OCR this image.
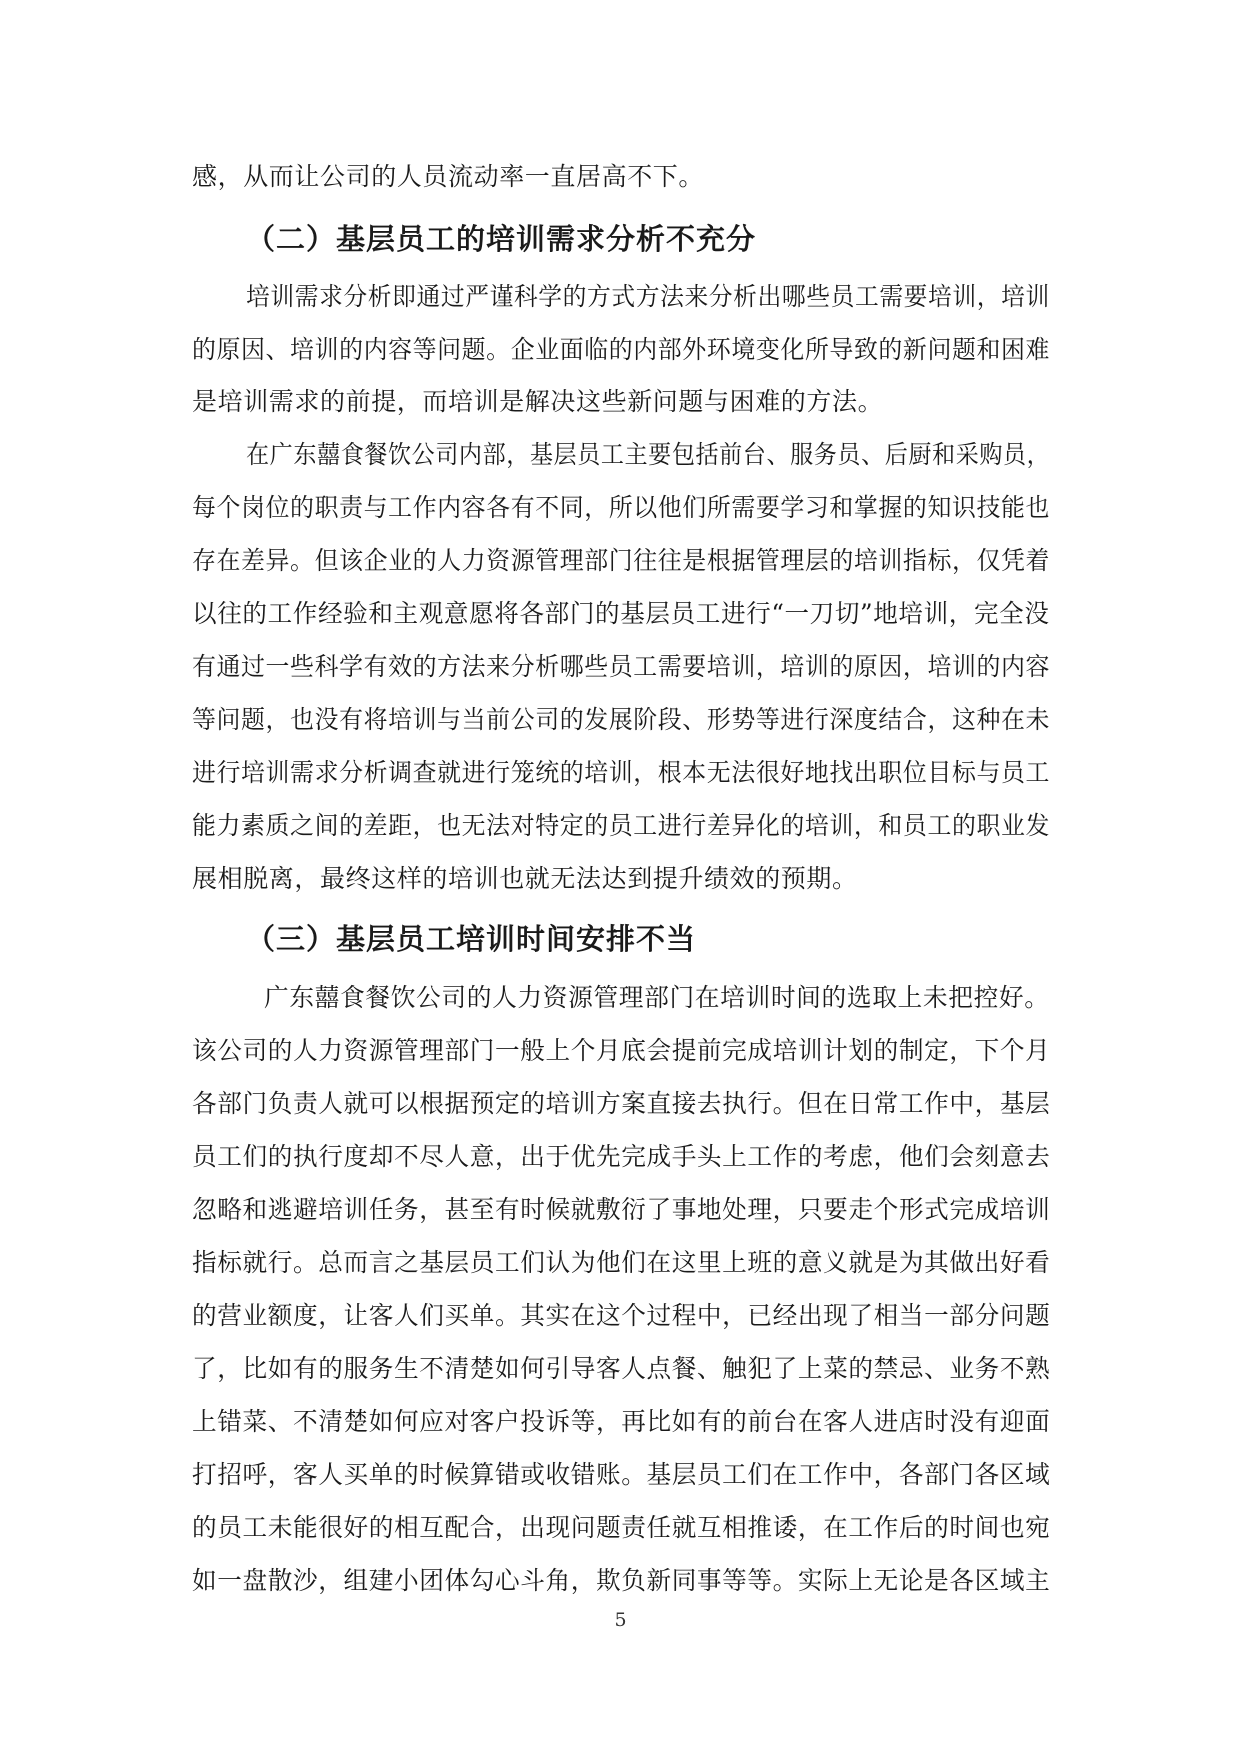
感，从而让公司的人员流动率一直居高不下。

（二）基层员工的培训需求分析不充分

培训需求分析即通过严谨科学的方式方法来分析出哪些员工需要培训，培训

的原因、培训的内容等问题。企业面临的内部外环境变化所导致的新问题和困难

是培训需求的前提，而培训是解决这些新问题与困难的方法。

在广东囍食餐饮公司内部，基层员工主要包括前台、服务员、后厨和采购员，

每个岗位的职责与工作内容各有不同，所以他们所需要学习和掌握的知识技能也

存在差异。但该企业的人力资源管理部门往往是根据管理层的培训指标，仅凭着

以往的工作经验和主观意愿将各部门的基层员工进行“一刀切”地培训，完全没

有通过一些科学有效的方法来分析哪些员工需要培训，培训的原因，培训的内容

等问题，也没有将培训与当前公司的发展阶段、形势等进行深度结合，这种在未

进行培训需求分析调查就进行笼统的培训，根本无法很好地找出职位目标与员工

能力素质之间的差距，也无法对特定的员工进行差异化的培训，和员工的职业发

展相脱离，最终这样的培训也就无法达到提升绩效的预期。

（三）基层员工培训时间安排不当

广东囍食餐饮公司的人力资源管理部门在培训时间的选取上未把控好。

该公司的人力资源管理部门一般上个月底会提前完成培训计划的制定，下个月

各部门负责人就可以根据预定的培训方案直接去执行。但在日常工作中，基层

员工们的执行度却不尽人意，出于优先完成手头上工作的考虑，他们会刻意去

忽略和逃避培训任务，甚至有时候就敷衍了事地处理，只要走个形式完成培训

指标就行。总而言之基层员工们认为他们在这里上班的意义就是为其做出好看

的营业额度，让客人们买单。其实在这个过程中，已经出现了相当一部分问题

了，比如有的服务生不清楚如何引导客人点餐、触犯了上菜的禁忌、业务不熟

上错菜、不清楚如何应对客户投诉等，再比如有的前台在客人进店时没有迎面

打招呼，客人买单的时候算错或收错账。基层员工们在工作中，各部门各区域

的员工未能很好的相互配合，出现问题责任就互相推诿，在工作后的时间也宛

如一盘散沙，组建小团体勾心斗角，欺负新同事等等。实际上无论是各区域主

5
